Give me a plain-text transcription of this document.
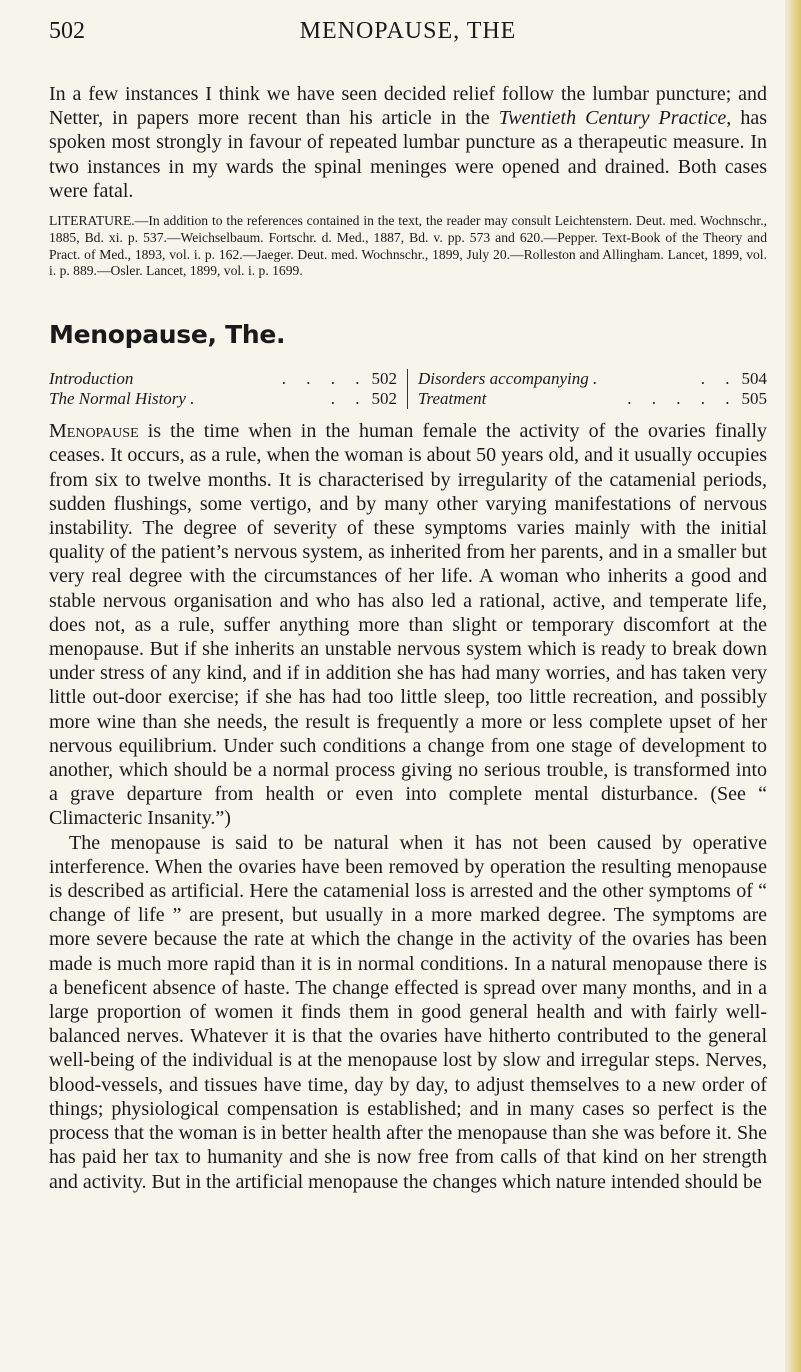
502	MENOPAUSE, THE

In a few instances I think we have seen decided relief follow the lumbar puncture; and Netter, in papers more recent than his article in the Twentieth Century Practice, has spoken most strongly in favour of repeated lumbar puncture as a therapeutic measure. In two instances in my wards the spinal meninges were opened and drained. Both cases were fatal.

LITERATURE.—In addition to the references contained in the text, the reader may consult Leichtenstern. Deut. med. Wochnschr., 1885, Bd. xi. p. 537.—Weichselbaum. Fortschr. d. Med., 1887, Bd. v. pp. 573 and 620.—Pepper. Text-Book of the Theory and Pract. of Med., 1893, vol. i. p. 162.—Jaeger. Deut. med. Wochnschr., 1899, July 20.—Rolleston and Allingham. Lancet, 1899, vol. i. p. 889.—Osler. Lancet, 1899, vol. i. p. 1699.

Menopause, The.
Introduction	. . . . 502
The Normal History .	. . 502
Disorders accompanying .	. . 504
Treatment	. . . . . 505

Menopause is the time when in the human female the activity of the ovaries finally ceases. It occurs, as a rule, when the woman is about 50 years old, and it usually occupies from six to twelve months. It is characterised by irregularity of the catamenial periods, sudden flushings, some vertigo, and by many other varying manifestations of nervous instability. The degree of severity of these symptoms varies mainly with the initial quality of the patient’s nervous system, as inherited from her parents, and in a smaller but very real degree with the circumstances of her life. A woman who inherits a good and stable nervous organisation and who has also led a rational, active, and temperate life, does not, as a rule, suffer anything more than slight or temporary discomfort at the menopause. But if she inherits an unstable nervous system which is ready to break down under stress of any kind, and if in addition she has had many worries, and has taken very little out-door exercise; if she has had too little sleep, too little recreation, and possibly more wine than she needs, the result is frequently a more or less complete upset of her nervous equilibrium. Under such conditions a change from one stage of development to another, which should be a normal process giving no serious trouble, is transformed into a grave departure from health or even into complete mental disturbance. (See “ Climacteric Insanity.”)

The menopause is said to be natural when it has not been caused by operative interference. When the ovaries have been removed by operation the resulting menopause is described as artificial. Here the catamenial loss is arrested and the other symptoms of “ change of life ” are present, but usually in a more marked degree. The symptoms are more severe because the rate at which the change in the activity of the ovaries has been made is much more rapid than it is in normal conditions. In a natural menopause there is a beneficent absence of haste. The change effected is spread over many months, and in a large proportion of women it finds them in good general health and with fairly well-balanced nerves. Whatever it is that the ovaries have hitherto contributed to the general well-being of the individual is at the menopause lost by slow and irregular steps. Nerves, blood-vessels, and tissues have time, day by day, to adjust themselves to a new order of things; physiological compensation is established; and in many cases so perfect is the process that the woman is in better health after the menopause than she was before it. She has paid her tax to humanity and she is now free from calls of that kind on her strength and activity. But in the artificial menopause the changes which nature intended should be
